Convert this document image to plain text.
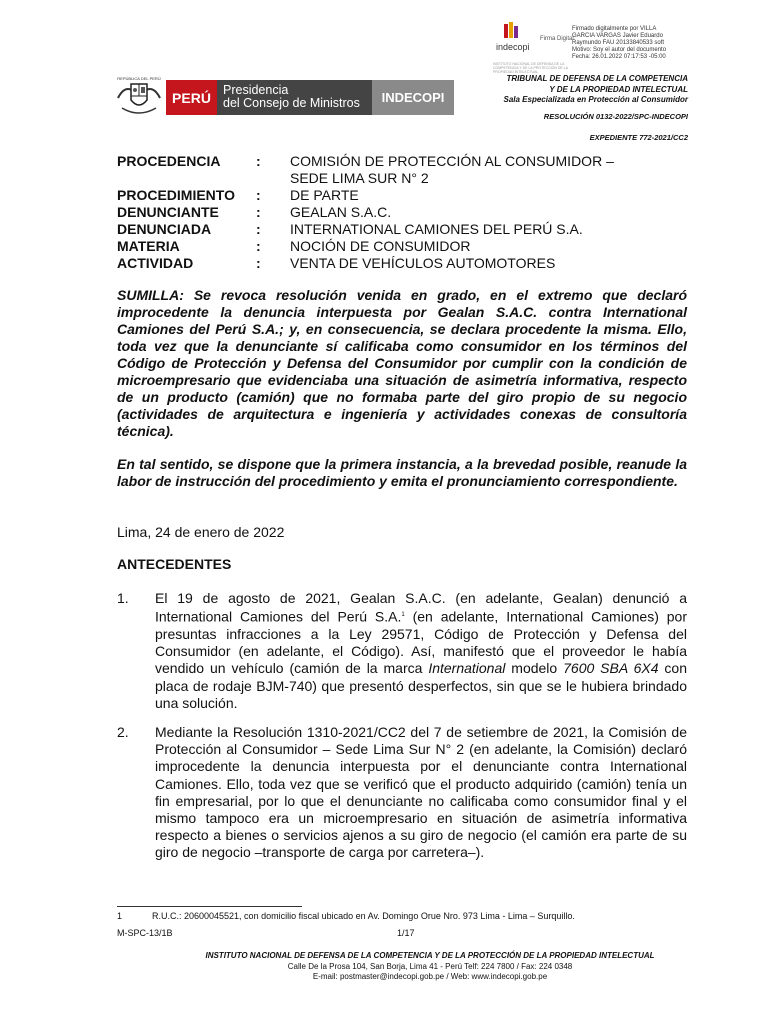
indecopi
Firma Digital
Firmado digitalmente por VILLA
GARCIA VARGAS Javier Eduardo
Raymundo FAU 20133840533 soft
Motivo: Soy el autor del documento
Fecha: 26.01.2022 07:17:53 -05:00
INSTITUTO NACIONAL DE DEFENSA DE LA COMPETENCIA Y DE LA PROTECCIÓN DE LA PROPIEDAD INTELECTUAL
REPÚBLICA DEL PERÚ
PERÚ Presidencia
del Consejo de Ministros	INDECOPI
TRIBUNAL DE DEFENSA DE LA COMPETENCIA
Y DE LA PROPIEDAD INTELECTUAL
Sala Especializada en Protección al Consumidor
RESOLUCIÓN 0132-2022/SPC-INDECOPI
EXPEDIENTE 772-2021/CC2
PROCEDENCIA	:	COMISIÓN DE PROTECCIÓN AL CONSUMIDOR –
SEDE LIMA SUR N° 2
PROCEDIMIENTO	:	DE PARTE
DENUNCIANTE	:	GEALAN S.A.C.
DENUNCIADA	:	INTERNATIONAL CAMIONES DEL PERÚ S.A.
MATERIA	:	NOCIÓN DE CONSUMIDOR
ACTIVIDAD	:	VENTA DE VEHÍCULOS AUTOMOTORES
SUMILLA: Se revoca resolución venida en grado, en el extremo que declaró improcedente la denuncia interpuesta por Gealan S.A.C. contra International Camiones del Perú S.A.; y, en consecuencia, se declara procedente la misma. Ello, toda vez que la denunciante sí calificaba como consumidor en los términos del Código de Protección y Defensa del Consumidor por cumplir con la condición de microempresario que evidenciaba una situación de asimetría informativa, respecto de un producto (camión) que no formaba parte del giro propio de su negocio (actividades de arquitectura e ingeniería y actividades conexas de consultoría técnica).
En tal sentido, se dispone que la primera instancia, a la brevedad posible, reanude la labor de instrucción del procedimiento y emita el pronunciamiento correspondiente.
Lima, 24 de enero de 2022
ANTECEDENTES
1. El 19 de agosto de 2021, Gealan S.A.C. (en adelante, Gealan) denunció a International Camiones del Perú S.A.$^1$ (en adelante, International Camiones) por presuntas infracciones a la Ley 29571, Código de Protección y Defensa del Consumidor (en adelante, el Código). Así, manifestó que el proveedor le había vendido un vehículo (camión de la marca International modelo 7600 SBA 6X4 con placa de rodaje BJM-740) que presentó desperfectos, sin que se le hubiera brindado una solución.
2. Mediante la Resolución 1310-2021/CC2 del 7 de setiembre de 2021, la Comisión de Protección al Consumidor – Sede Lima Sur N° 2 (en adelante, la Comisión) declaró improcedente la denuncia interpuesta por el denunciante contra International Camiones. Ello, toda vez que se verificó que el producto adquirido (camión) tenía un fin empresarial, por lo que el denunciante no calificaba como consumidor final y el mismo tampoco era un microempresario en situación de asimetría informativa respecto a bienes o servicios ajenos a su giro de negocio (el camión era parte de su giro de negocio –transporte de carga por carretera–).
1	R.U.C.: 20600045521, con domicilio fiscal ubicado en Av. Domingo Orue Nro. 973 Lima - Lima – Surquillo.
M-SPC-13/1B	1/17
INSTITUTO NACIONAL DE DEFENSA DE LA COMPETENCIA Y DE LA PROTECCIÓN DE LA PROPIEDAD INTELECTUAL
Calle De la Prosa 104, San Borja, Lima 41 - Perú Telf: 224 7800 / Fax: 224 0348
E-mail: postmaster@indecopi.gob.pe / Web: www.indecopi.gob.pe
